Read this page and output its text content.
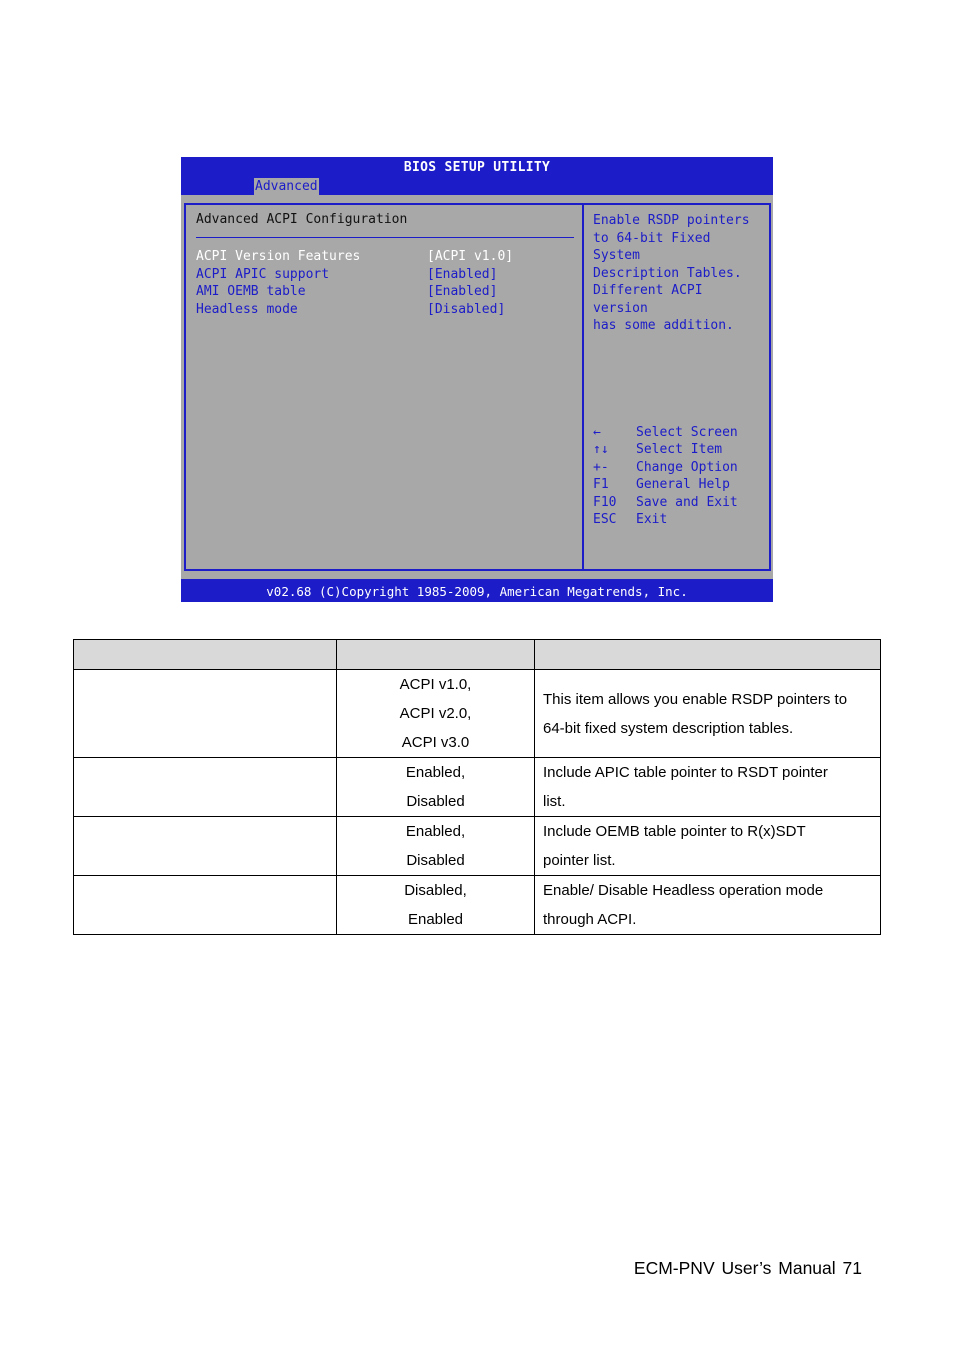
BIOS SETUP UTILITY
Advanced
Advanced ACPI Configuration
ACPI Version Features	[ACPI v1.0]
ACPI APIC support	[Enabled]
AMI OEMB table	[Enabled]
Headless mode	[Disabled]

Enable RSDP pointers
to 64-bit Fixed System
Description Tables.
Different ACPI version
has some addition.

←	Select Screen
↑↓ Select Item
+- Change Option
F1 General Help
F10 Save and Exit
ESC Exit
v02.68 (C)Copyright 1985-2009, American Megatrends, Inc.

	ACPI v1.0,
ACPI v2.0,
ACPI v3.0	This item allows you enable RSDP pointers to
64-bit fixed system description tables.

	Enabled,
Disabled	Include APIC table pointer to RSDT pointer
list.

	Enabled,
Disabled	Include OEMB table pointer to R(x)SDT
pointer list.

	Disabled,
Enabled	Enable/ Disable Headless operation mode
through ACPI.
ECM-PNV User’s Manual 71
